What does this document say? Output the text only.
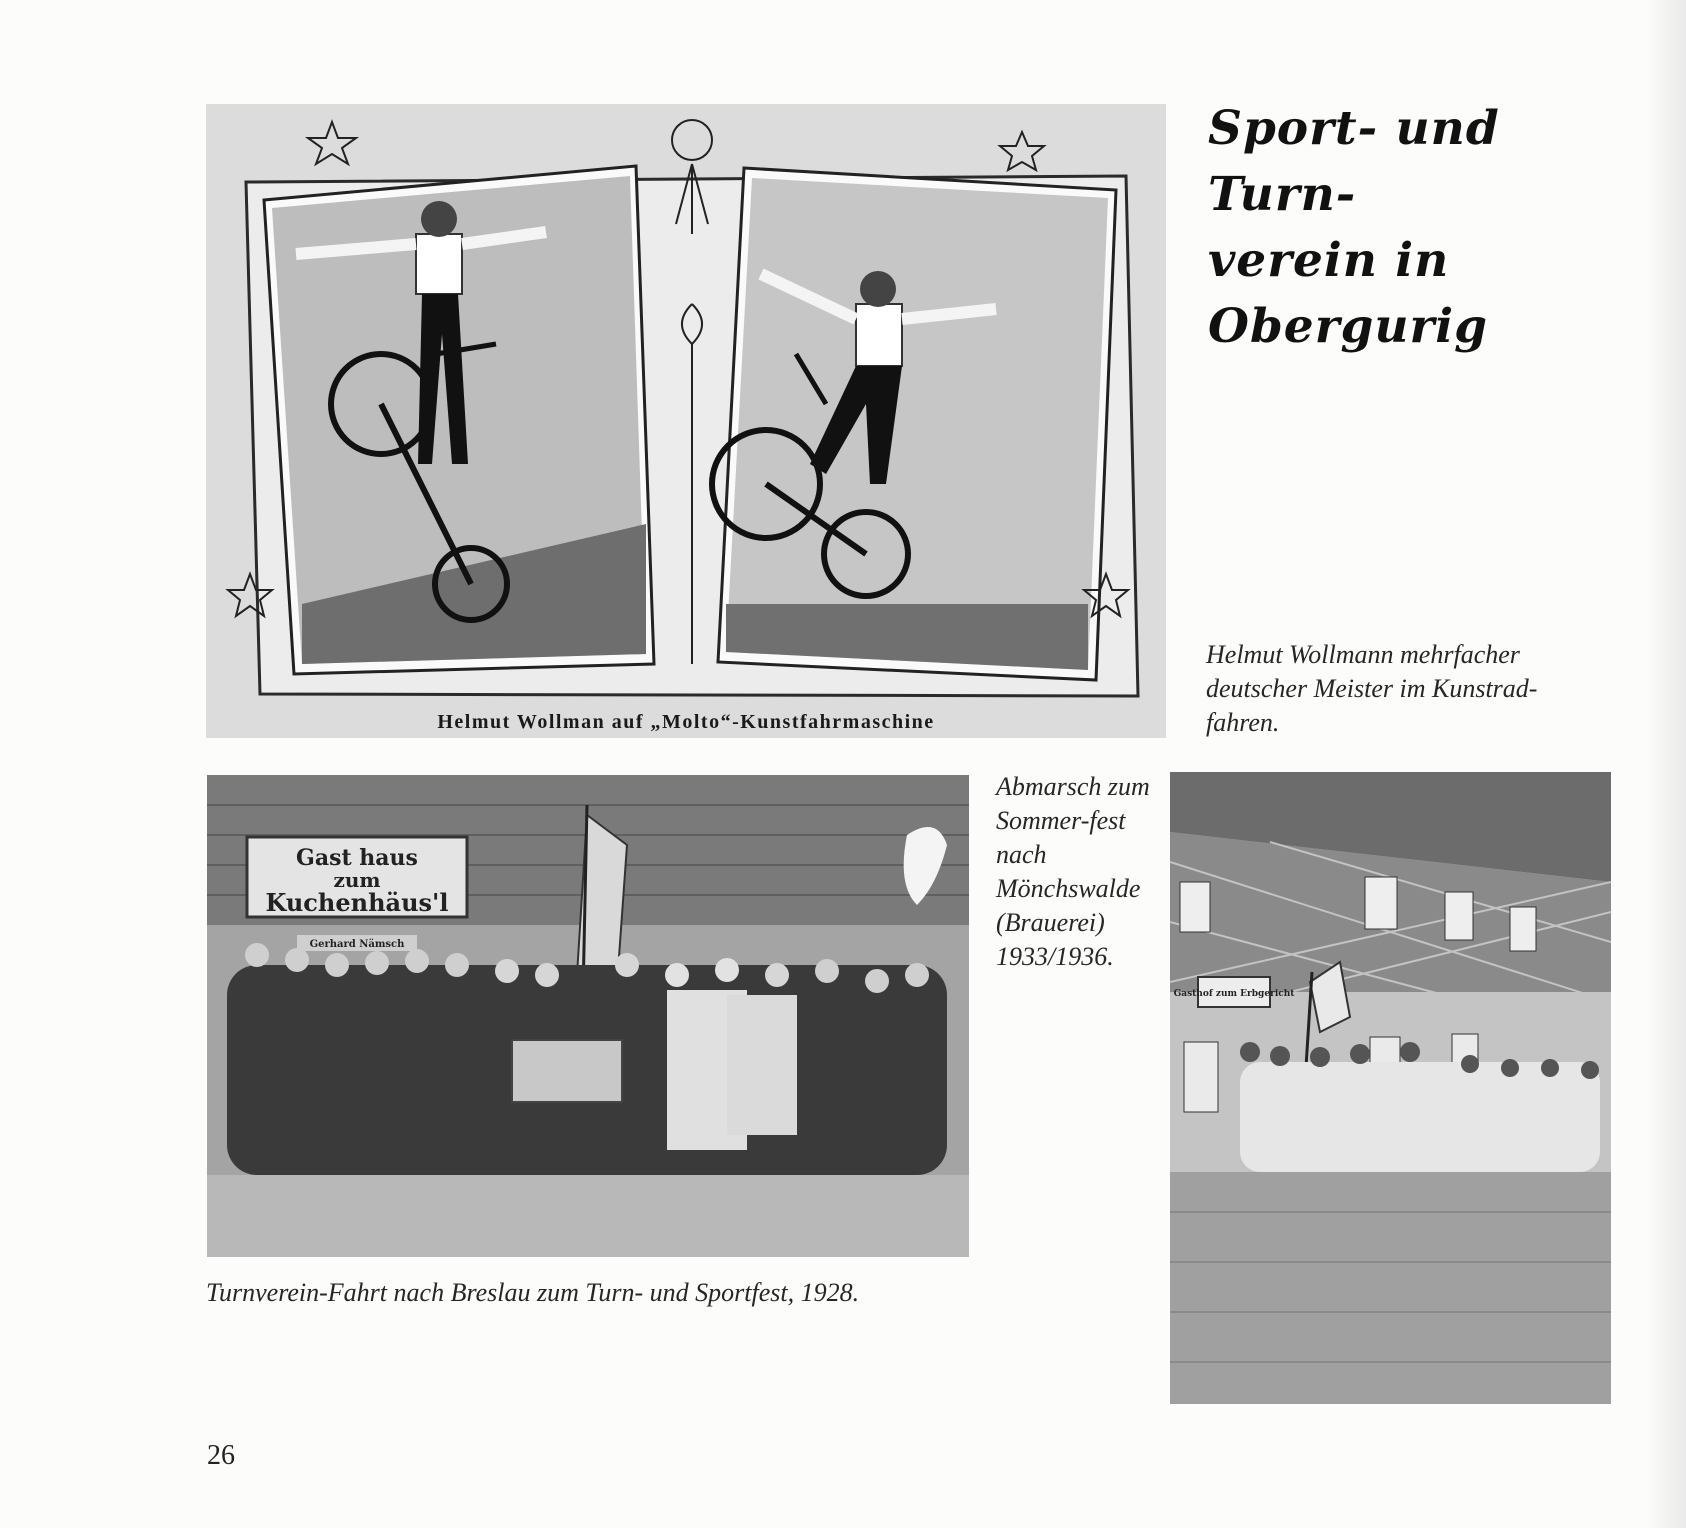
Sport- und Turn-
verein in Obergurig
Helmut Wollman auf „Molto“-Kunstfahrmaschine

Helmut Wollmann mehrfacher deutscher Meister im Kunstrad-fahren.

Gast haus
zum
Kuchenhäus'l
Gerhard Nämsch

Turnverein-Fahrt nach Breslau zum Turn- und Sportfest, 1928.

Abmarsch zum Sommer-fest nach Mönchswalde (Brauerei) 1933/1936.

Gasthof zum Erbgericht

26
